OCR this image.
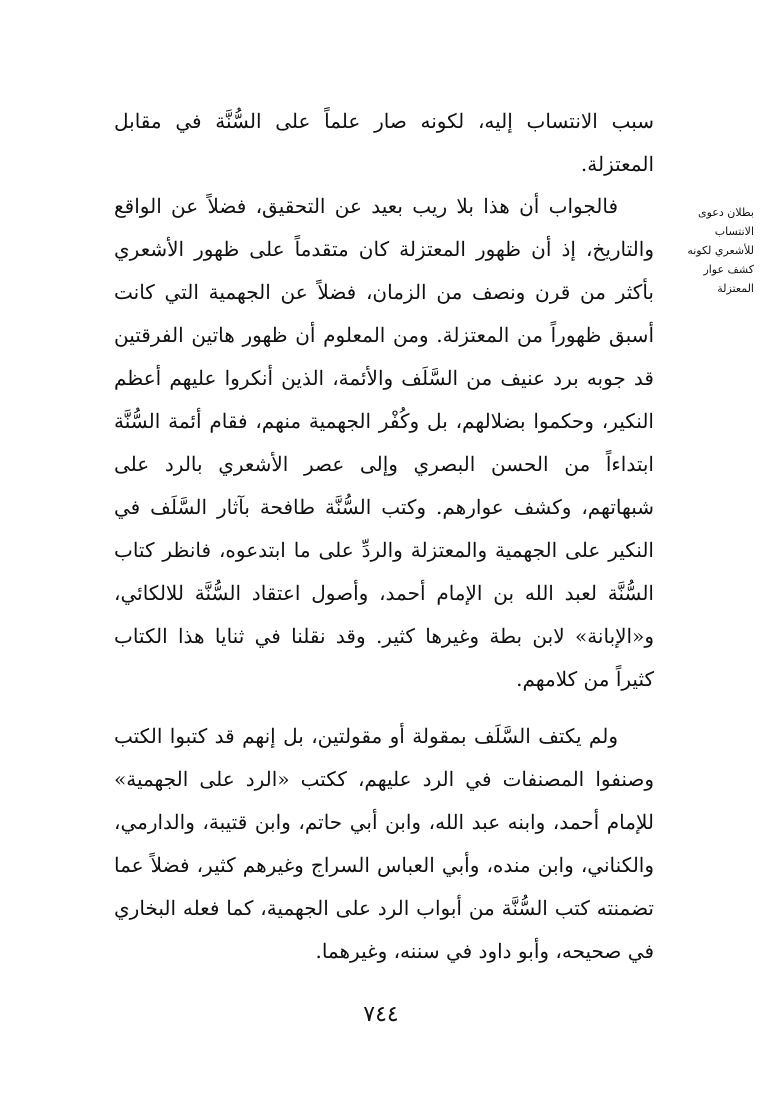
سبب الانتساب إليه، لكونه صار علماً على السُّنَّة في مقابل المعتزلة.

بطلان دعوى
الانتساب
للأشعري لكونه
كشف عوار
المعتزلة

فالجواب أن هذا بلا ريب بعيد عن التحقيق، فضلاً عن الواقع والتاريخ، إذ أن ظهور المعتزلة كان متقدماً على ظهور الأشعري بأكثر من قرن ونصف من الزمان، فضلاً عن الجهمية التي كانت أسبق ظهوراً من المعتزلة. ومن المعلوم أن ظهور هاتين الفرقتين قد جوبه برد عنيف من السَّلَف والأئمة، الذين أنكروا عليهم أعظم النكير، وحكموا بضلالهم، بل وكُفْر الجهمية منهم، فقام أئمة السُّنَّة ابتداءاً من الحسن البصري وإلى عصر الأشعري بالرد على شبهاتهم، وكشف عوارهم. وكتب السُّنَّة طافحة بآثار السَّلَف في النكير على الجهمية والمعتزلة والردِّ على ما ابتدعوه، فانظر كتاب السُّنَّة لعبد الله بن الإمام أحمد، وأصول اعتقاد السُّنَّة للالكائي، و«الإبانة» لابن بطة وغيرها كثير. وقد نقلنا في ثنايا هذا الكتاب كثيراً من كلامهم.

ولم يكتف السَّلَف بمقولة أو مقولتين، بل إنهم قد كتبوا الكتب وصنفوا المصنفات في الرد عليهم، ككتب «الرد على الجهمية» للإمام أحمد، وابنه عبد الله، وابن أبي حاتم، وابن قتيبة، والدارمي، والكناني، وابن منده، وأبي العباس السراج وغيرهم كثير، فضلاً عما تضمنته كتب السُّنَّة من أبواب الرد على الجهمية، كما فعله البخاري في صحيحه، وأبو داود في سننه، وغيرهما.

٧٤٤
